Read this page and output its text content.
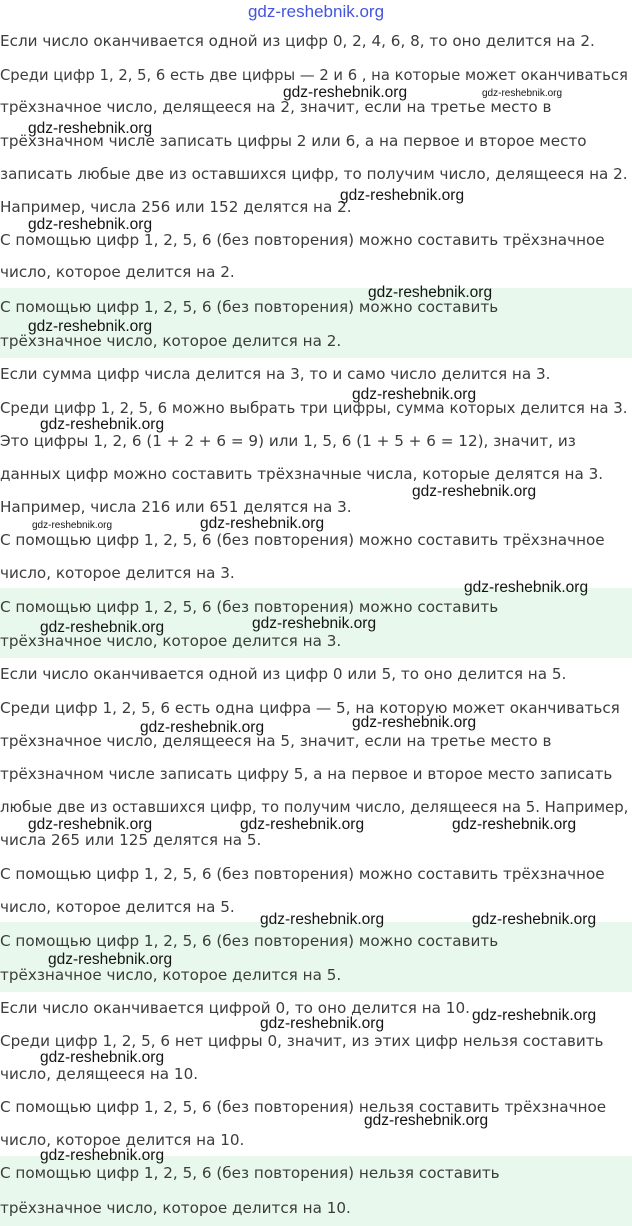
gdz-reshebnik.org
Если число оканчивается одной из цифр 0, 2, 4, 6, 8, то оно делится на 2.
Среди цифр 1, 2, 5, 6 есть две цифры — 2 и 6 , на которые может оканчиваться
трёхзначное число, делящееся на 2, значит, если на третье место в
трёхзначном числе записать цифры 2 или 6, а на первое и второе место
записать любые две из оставшихся цифр, то получим число, делящееся на 2.
Например, числа 256 или 152 делятся на 2.
С помощью цифр 1, 2, 5, 6 (без повторения) можно составить трёхзначное
число, которое делится на 2.
С помощью цифр 1, 2, 5, 6 (без повторения) можно составить
трёхзначное число, которое делится на 2.
Если сумма цифр числа делится на 3, то и само число делится на 3.
Среди цифр 1, 2, 5, 6 можно выбрать три цифры, сумма которых делится на 3.
Это цифры 1, 2, 6 (1 + 2 + 6 = 9) или 1, 5, 6 (1 + 5 + 6 = 12), значит, из
данных цифр можно составить трёхзначные числа, которые делятся на 3.
Например, числа 216 или 651 делятся на 3.
С помощью цифр 1, 2, 5, 6 (без повторения) можно составить трёхзначное
число, которое делится на 3.
С помощью цифр 1, 2, 5, 6 (без повторения) можно составить
трёхзначное число, которое делится на 3.
Если число оканчивается одной из цифр 0 или 5, то оно делится на 5.
Среди цифр 1, 2, 5, 6 есть одна цифра — 5, на которую может оканчиваться
трёхзначное число, делящееся на 5, значит, если на третье место в
трёхзначном числе записать цифру 5, а на первое и второе место записать
любые две из оставшихся цифр, то получим число, делящееся на 5. Например,
числа 265 или 125 делятся на 5.
С помощью цифр 1, 2, 5, 6 (без повторения) можно составить трёхзначное
число, которое делится на 5.
С помощью цифр 1, 2, 5, 6 (без повторения) можно составить
трёхзначное число, которое делится на 5.
Если число оканчивается цифрой 0, то оно делится на 10.
Среди цифр 1, 2, 5, 6 нет цифры 0, значит, из этих цифр нельзя составить
число, делящееся на 10.
С помощью цифр 1, 2, 5, 6 (без повторения) нельзя составить трёхзначное
число, которое делится на 10.
С помощью цифр 1, 2, 5, 6 (без повторения) нельзя составить
трёхзначное число, которое делится на 10.
gdz-reshebnik.org	gdz-reshebnik.org
gdz-reshebnik.org
gdz-reshebnik.org
gdz-reshebnik.org
gdz-reshebnik.org
gdz-reshebnik.org
gdz-reshebnik.org
gdz-reshebnik.org
gdz-reshebnik.org
gdz-reshebnik.org	gdz-reshebnik.org
gdz-reshebnik.org
gdz-reshebnik.org	gdz-reshebnik.org
gdz-reshebnik.org
gdz-reshebnik.org
gdz-reshebnik.org	gdz-reshebnik.org	gdz-reshebnik.org
gdz-reshebnik.org	gdz-reshebnik.org
gdz-reshebnik.org
gdz-reshebnik.org	gdz-reshebnik.org
gdz-reshebnik.org
gdz-reshebnik.org
gdz-reshebnik.org
